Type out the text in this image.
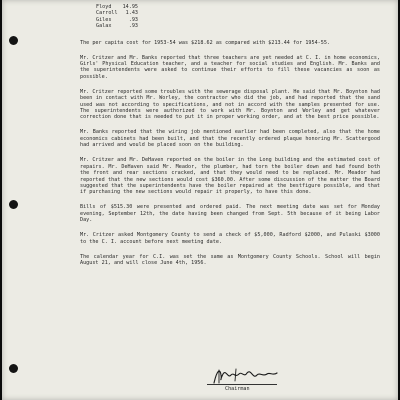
Floyd	14.95
Carroll	1.43
Giles	.93
Galax	.93

The per capita cost for 1953-54 was $218.62 as compared with $213.44 for 1954-55.

Mr. Critzer and Mr. Banks reported that three teachers are yet needed at C. I. in home economics, Girls' Physical Education teacher, and a teacher for social studies and English. Mr. Banks and the superintendents were asked to continue their efforts to fill these vacancies as soon as possible.

Mr. Critzer reported some troubles with the sewerage disposal plant. He said that Mr. Boynton had been in contact with Mr. Worley, the contractor who did the job, and had reported that the sand used was not according to specifications, and not in accord with the samples presented for use. The superintendents were authorized to work with Mr. Boynton and Worley and get whatever correction done that is needed to put it in proper working order, and at the best price possible.

Mr. Banks reported that the wiring job mentioned earlier had been completed, also that the home economics cabinets had been built, and that the recently ordered plaque honoring Mr. Scattergood had arrived and would be placed soon on the building.

Mr. Critzer and Mr. DeHaven reported on the boiler in the Long building and the estimated cost of repairs. Mr. DeHaven said Mr. Meador, the plumber, had torn the boiler down and had found both the front and rear sections cracked, and that they would need to be replaced. Mr. Meador had reported that the new sections would cost $360.00. After some discussion of the matter the Board suggested that the superintendents have the boiler repaired at the bestfigure possible, and that if purchasing the new sections would repair it properly, to have this done.

Bills of $515.30 were presented and ordered paid. The next meeting date was set for Monday evening, September 12th, the date having been changed from Sept. 5th because of it being Labor Day.

Mr. Critzer asked Montgomery County to send a check of $5,000, Radford $2000, and Pulaski $3000 to the C. I. account before next meeting date.

The calendar year for C.I. was set the same as Montgomery County Schools. School will begin August 21, and will close June 4th, 1956.

Chairman
